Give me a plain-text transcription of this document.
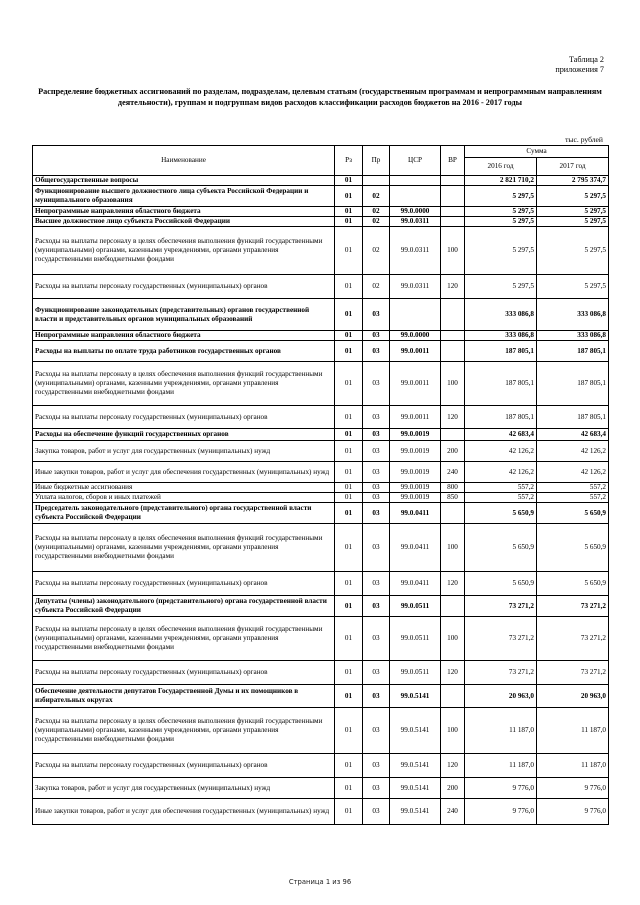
Таблица 2
приложения 7
Распределение бюджетных ассигнований по разделам, подразделам, целевым статьям (государственным программам и непрограммным направлениям деятельности), группам и подгруппам видов расходов классификации расходов бюджетов на 2016 - 2017 годы
тыс. рублей
Наименование	Рз	Пр	ЦСР	ВР	Сумма	
					2016 год	2017 год
Общегосударственные вопросы	01				2 821 710,2	2 795 374,7
Функционирование высшего должностного лица субъекта Российской Федерации и муниципального образования	01	02			5 297,5	5 297,5
Непрограммные направления областного бюджета	01	02	99.0.0000		5 297,5	5 297,5
Высшее должностное лицо субъекта Российской Федерации	01	02	99.0.0311		5 297,5	5 297,5
Расходы на выплаты персоналу в целях обеспечения выполнения функций государственными (муниципальными) органами, казенными учреждениями, органами управления государственными внебюджетными фондами	01	02	99.0.0311	100	5 297,5	5 297,5
Расходы на выплаты персоналу государственных (муниципальных) органов	01	02	99.0.0311	120	5 297,5	5 297,5
Функционирование законодательных (представительных) органов государственной власти и представительных органов муниципальных образований	01	03			333 086,8	333 086,8
Непрограммные направления областного бюджета	01	03	99.0.0000		333 086,8	333 086,8
Расходы на выплаты по оплате труда работников государственных органов	01	03	99.0.0011		187 805,1	187 805,1
Расходы на выплаты персоналу в целях обеспечения выполнения функций государственными (муниципальными) органами, казенными учреждениями, органами управления государственными внебюджетными фондами	01	03	99.0.0011	100	187 805,1	187 805,1
Расходы на выплаты персоналу государственных (муниципальных) органов	01	03	99.0.0011	120	187 805,1	187 805,1
Расходы на обеспечение функций государственных органов	01	03	99.0.0019		42 683,4	42 683,4
Закупка товаров, работ и услуг для государственных (муниципальных) нужд	01	03	99.0.0019	200	42 126,2	42 126,2
Иные закупки товаров, работ и услуг для обеспечения государственных (муниципальных) нужд	01	03	99.0.0019	240	42 126,2	42 126,2
Иные бюджетные ассигнования	01	03	99.0.0019	800	557,2	557,2
Уплата налогов, сборов и иных платежей	01	03	99.0.0019	850	557,2	557,2
Председатель законодательного (представительного) органа государственной власти субъекта Российской Федерации	01	03	99.0.0411		5 650,9	5 650,9
Расходы на выплаты персоналу в целях обеспечения выполнения функций государственными (муниципальными) органами, казенными учреждениями, органами управления государственными внебюджетными фондами	01	03	99.0.0411	100	5 650,9	5 650,9
Расходы на выплаты персоналу государственных (муниципальных) органов	01	03	99.0.0411	120	5 650,9	5 650,9
Депутаты (члены) законодательного (представительного) органа государственной власти субъекта Российской Федерации	01	03	99.0.0511		73 271,2	73 271,2
Расходы на выплаты персоналу в целях обеспечения выполнения функций государственными (муниципальными) органами, казенными учреждениями, органами управления государственными внебюджетными фондами	01	03	99.0.0511	100	73 271,2	73 271,2
Расходы на выплаты персоналу государственных (муниципальных) органов	01	03	99.0.0511	120	73 271,2	73 271,2
Обеспечение деятельности депутатов Государственной Думы и их помощников в избирательных округах	01	03	99.0.5141		20 963,0	20 963,0
Расходы на выплаты персоналу в целях обеспечения выполнения функций государственными (муниципальными) органами, казенными учреждениями, органами управления государственными внебюджетными фондами	01	03	99.0.5141	100	11 187,0	11 187,0
Расходы на выплаты персоналу государственных (муниципальных) органов	01	03	99.0.5141	120	11 187,0	11 187,0
Закупка товаров, работ и услуг для государственных (муниципальных) нужд	01	03	99.0.5141	200	9 776,0	9 776,0
Иные закупки товаров, работ и услуг для обеспечения государственных (муниципальных) нужд	01	03	99.0.5141	240	9 776,0	9 776,0
Страница 1 из 96
